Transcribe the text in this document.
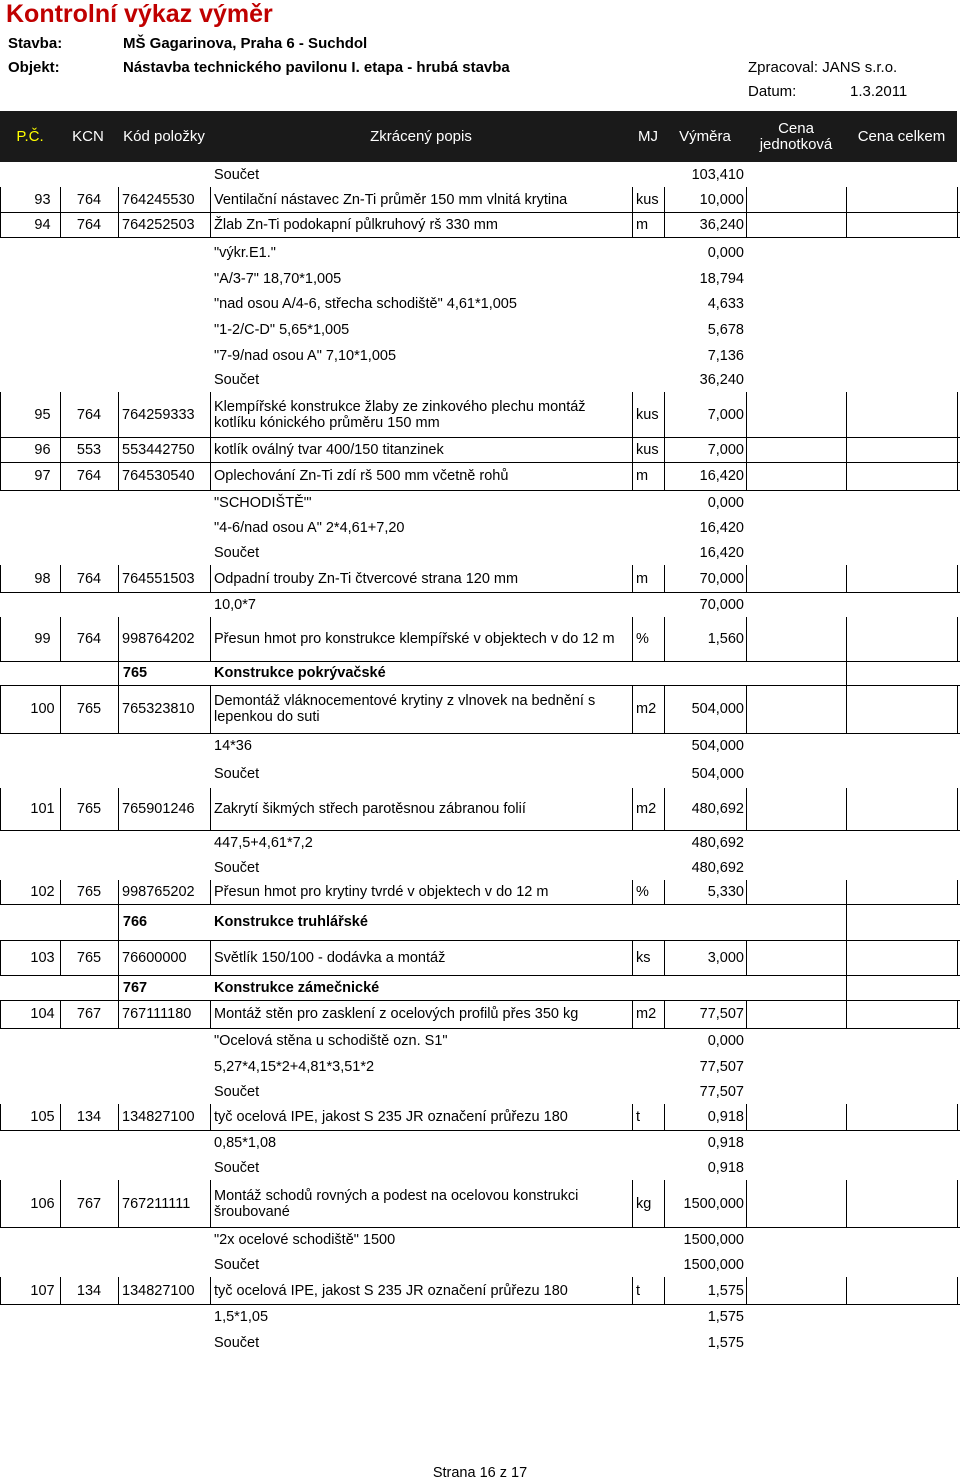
Kontrolní výkaz výměr
Stavba:	MŠ Gagarinova, Praha 6 - Suchdol
Objekt:	Nástavba technického pavilonu I. etapa - hrubá stavba	Zpracoval: JANS s.r.o.
Datum:	1.3.2011
P.Č.	KCN	Kód položky	Zkrácený popis	MJ	Výměra	Cena jednotková	Cena celkem
Součet	103,410
93	764	764245530	Ventilační nástavec Zn-Ti průměr 150 mm vlnitá krytina	kus	10,000
94	764	764252503	Žlab Zn-Ti podokapní půlkruhový rš 330 mm	m	36,240
"výkr.E1."	0,000
"A/3-7" 18,70*1,005	18,794
"nad osou A/4-6, střecha schodiště" 4,61*1,005	4,633
"1-2/C-D" 5,65*1,005	5,678
"7-9/nad osou A" 7,10*1,005	7,136
Součet	36,240
95	764	764259333	Klempířské konstrukce žlaby ze zinkového plechu montáž kotlíku kónického průměru 150 mm	kus	7,000
96	553	553442750	kotlík oválný tvar 400/150 titanzinek	kus	7,000
97	764	764530540	Oplechování Zn-Ti zdí rš 500 mm včetně rohů	m	16,420
"SCHODIŠTĚ"'	0,000
"4-6/nad osou A" 2*4,61+7,20	16,420
Součet	16,420
98	764	764551503	Odpadní trouby Zn-Ti čtvercové strana 120 mm	m	70,000
10,0*7	70,000
99	764	998764202	Přesun hmot pro konstrukce klempířské v objektech v do 12 m	%	1,560
765	Konstrukce pokrývačské
100	765	765323810	Demontáž vláknocementové krytiny z vlnovek na bednění s lepenkou do suti	m2	504,000
14*36	504,000
Součet	504,000
101	765	765901246	Zakrytí šikmých střech parotěsnou zábranou folií	m2	480,692
447,5+4,61*7,2	480,692
Součet	480,692
102	765	998765202	Přesun hmot pro krytiny tvrdé v objektech v do 12 m	%	5,330
766	Konstrukce truhlářské
103	765	76600000	Světlík 150/100 - dodávka a montáž	ks	3,000
767	Konstrukce zámečnické
104	767	767111180	Montáž stěn pro zasklení z ocelových profilů přes 350 kg	m2	77,507
"Ocelová stěna u schodiště ozn. S1"	0,000
5,27*4,15*2+4,81*3,51*2	77,507
Součet	77,507
105	134	134827100	tyč ocelová IPE, jakost S 235 JR označení průřezu 180	t	0,918
0,85*1,08	0,918
Součet	0,918
106	767	767211111	Montáž schodů rovných a podest na ocelovou konstrukci šroubované	kg	1500,000
"2x ocelové schodiště" 1500	1500,000
Součet	1500,000
107	134	134827100	tyč ocelová IPE, jakost S 235 JR označení průřezu 180	t	1,575
1,5*1,05	1,575
Součet	1,575
Strana 16 z 17
